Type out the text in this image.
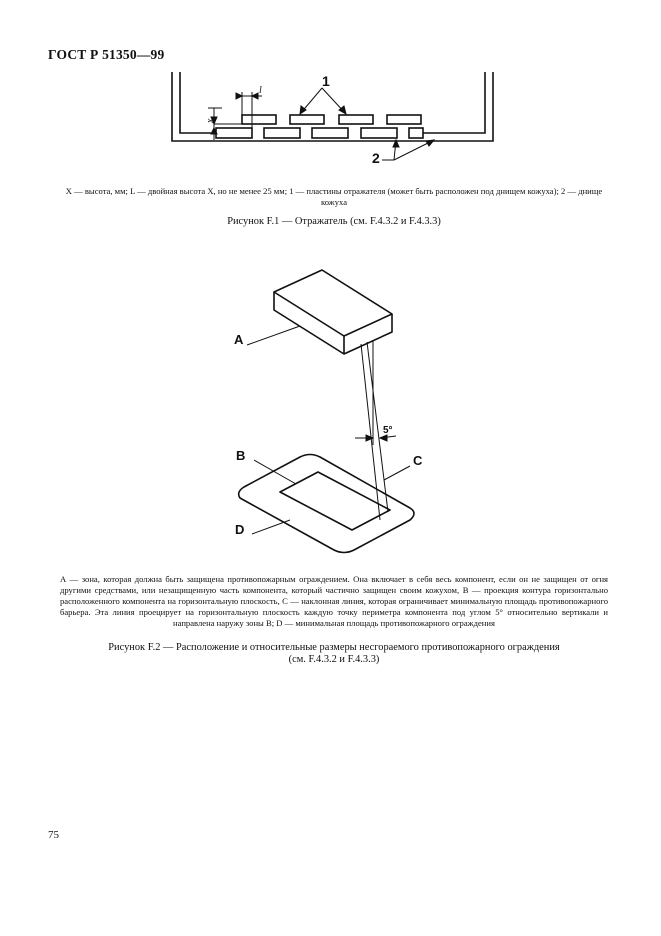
ГОСТ Р 51350—99
x
l
1
2
A
B	C
D
5°
X — высота, мм; L — двойная высота X, но не менее 25 мм; 1 — пластины отражателя (может быть расположен под днищем кожуха); 2 — днище кожуха
Рисунок F.1 — Отражатель (см. F.4.3.2 и F.4.3.3)
А — зона, которая должна быть защищена противопожарным ограждением. Она включает в себя весь компонент, если он не защищен от огня другими средствами, или незащищенную часть компонента, который частично защищен своим кожухом, В — проекция контура горизонтально расположенного компонента на горизонтальную плоскость, С — наклонная линия, которая ограничивает минимальную площадь противопожарного барьера. Эта линия проецирует на горизонтальную плоскость каждую точку периметра компонента под углом 5° относительно вертикали и направлена наружу зоны В; D — минимальная площадь противопожарного ограждения
Рисунок F.2 — Расположение и относительные размеры несгораемого противопожарного ограждения
(см. F.4.3.2 и F.4.3.3)
75
